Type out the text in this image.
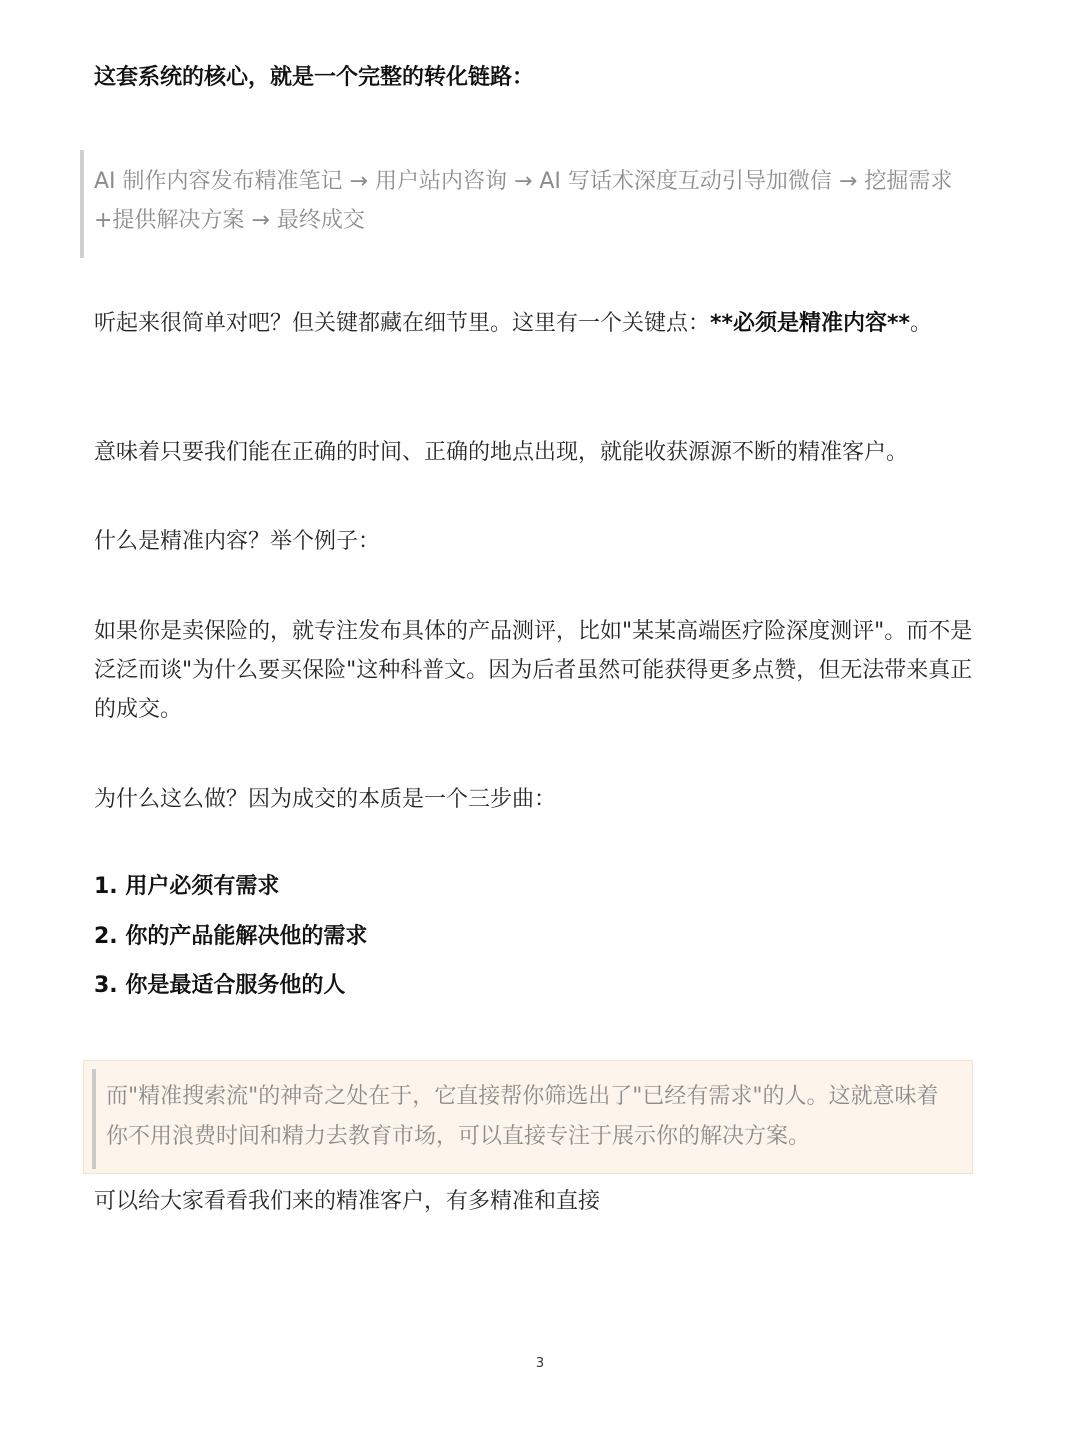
这套系统的核心，就是一个完整的转化链路：
AI 制作内容发布精准笔记 → 用户站内咨询 → AI 写话术深度互动引导加微信 → 挖掘需求+提供解决方案 → 最终成交
听起来很简单对吧？但关键都藏在细节里。这里有一个关键点：**必须是精准内容**。
意味着只要我们能在正确的时间、正确的地点出现，就能收获源源不断的精准客户。
什么是精准内容？举个例子：
如果你是卖保险的，就专注发布具体的产品测评，比如"某某高端医疗险深度测评"。而不是泛泛而谈"为什么要买保险"这种科普文。因为后者虽然可能获得更多点赞，但无法带来真正的成交。
为什么这么做？因为成交的本质是一个三步曲：
1. 用户必须有需求
2. 你的产品能解决他的需求
3. 你是最适合服务他的人
而"精准搜索流"的神奇之处在于，它直接帮你筛选出了"已经有需求"的人。这就意味着你不用浪费时间和精力去教育市场，可以直接专注于展示你的解决方案。
可以给大家看看我们来的精准客户，有多精准和直接
3
